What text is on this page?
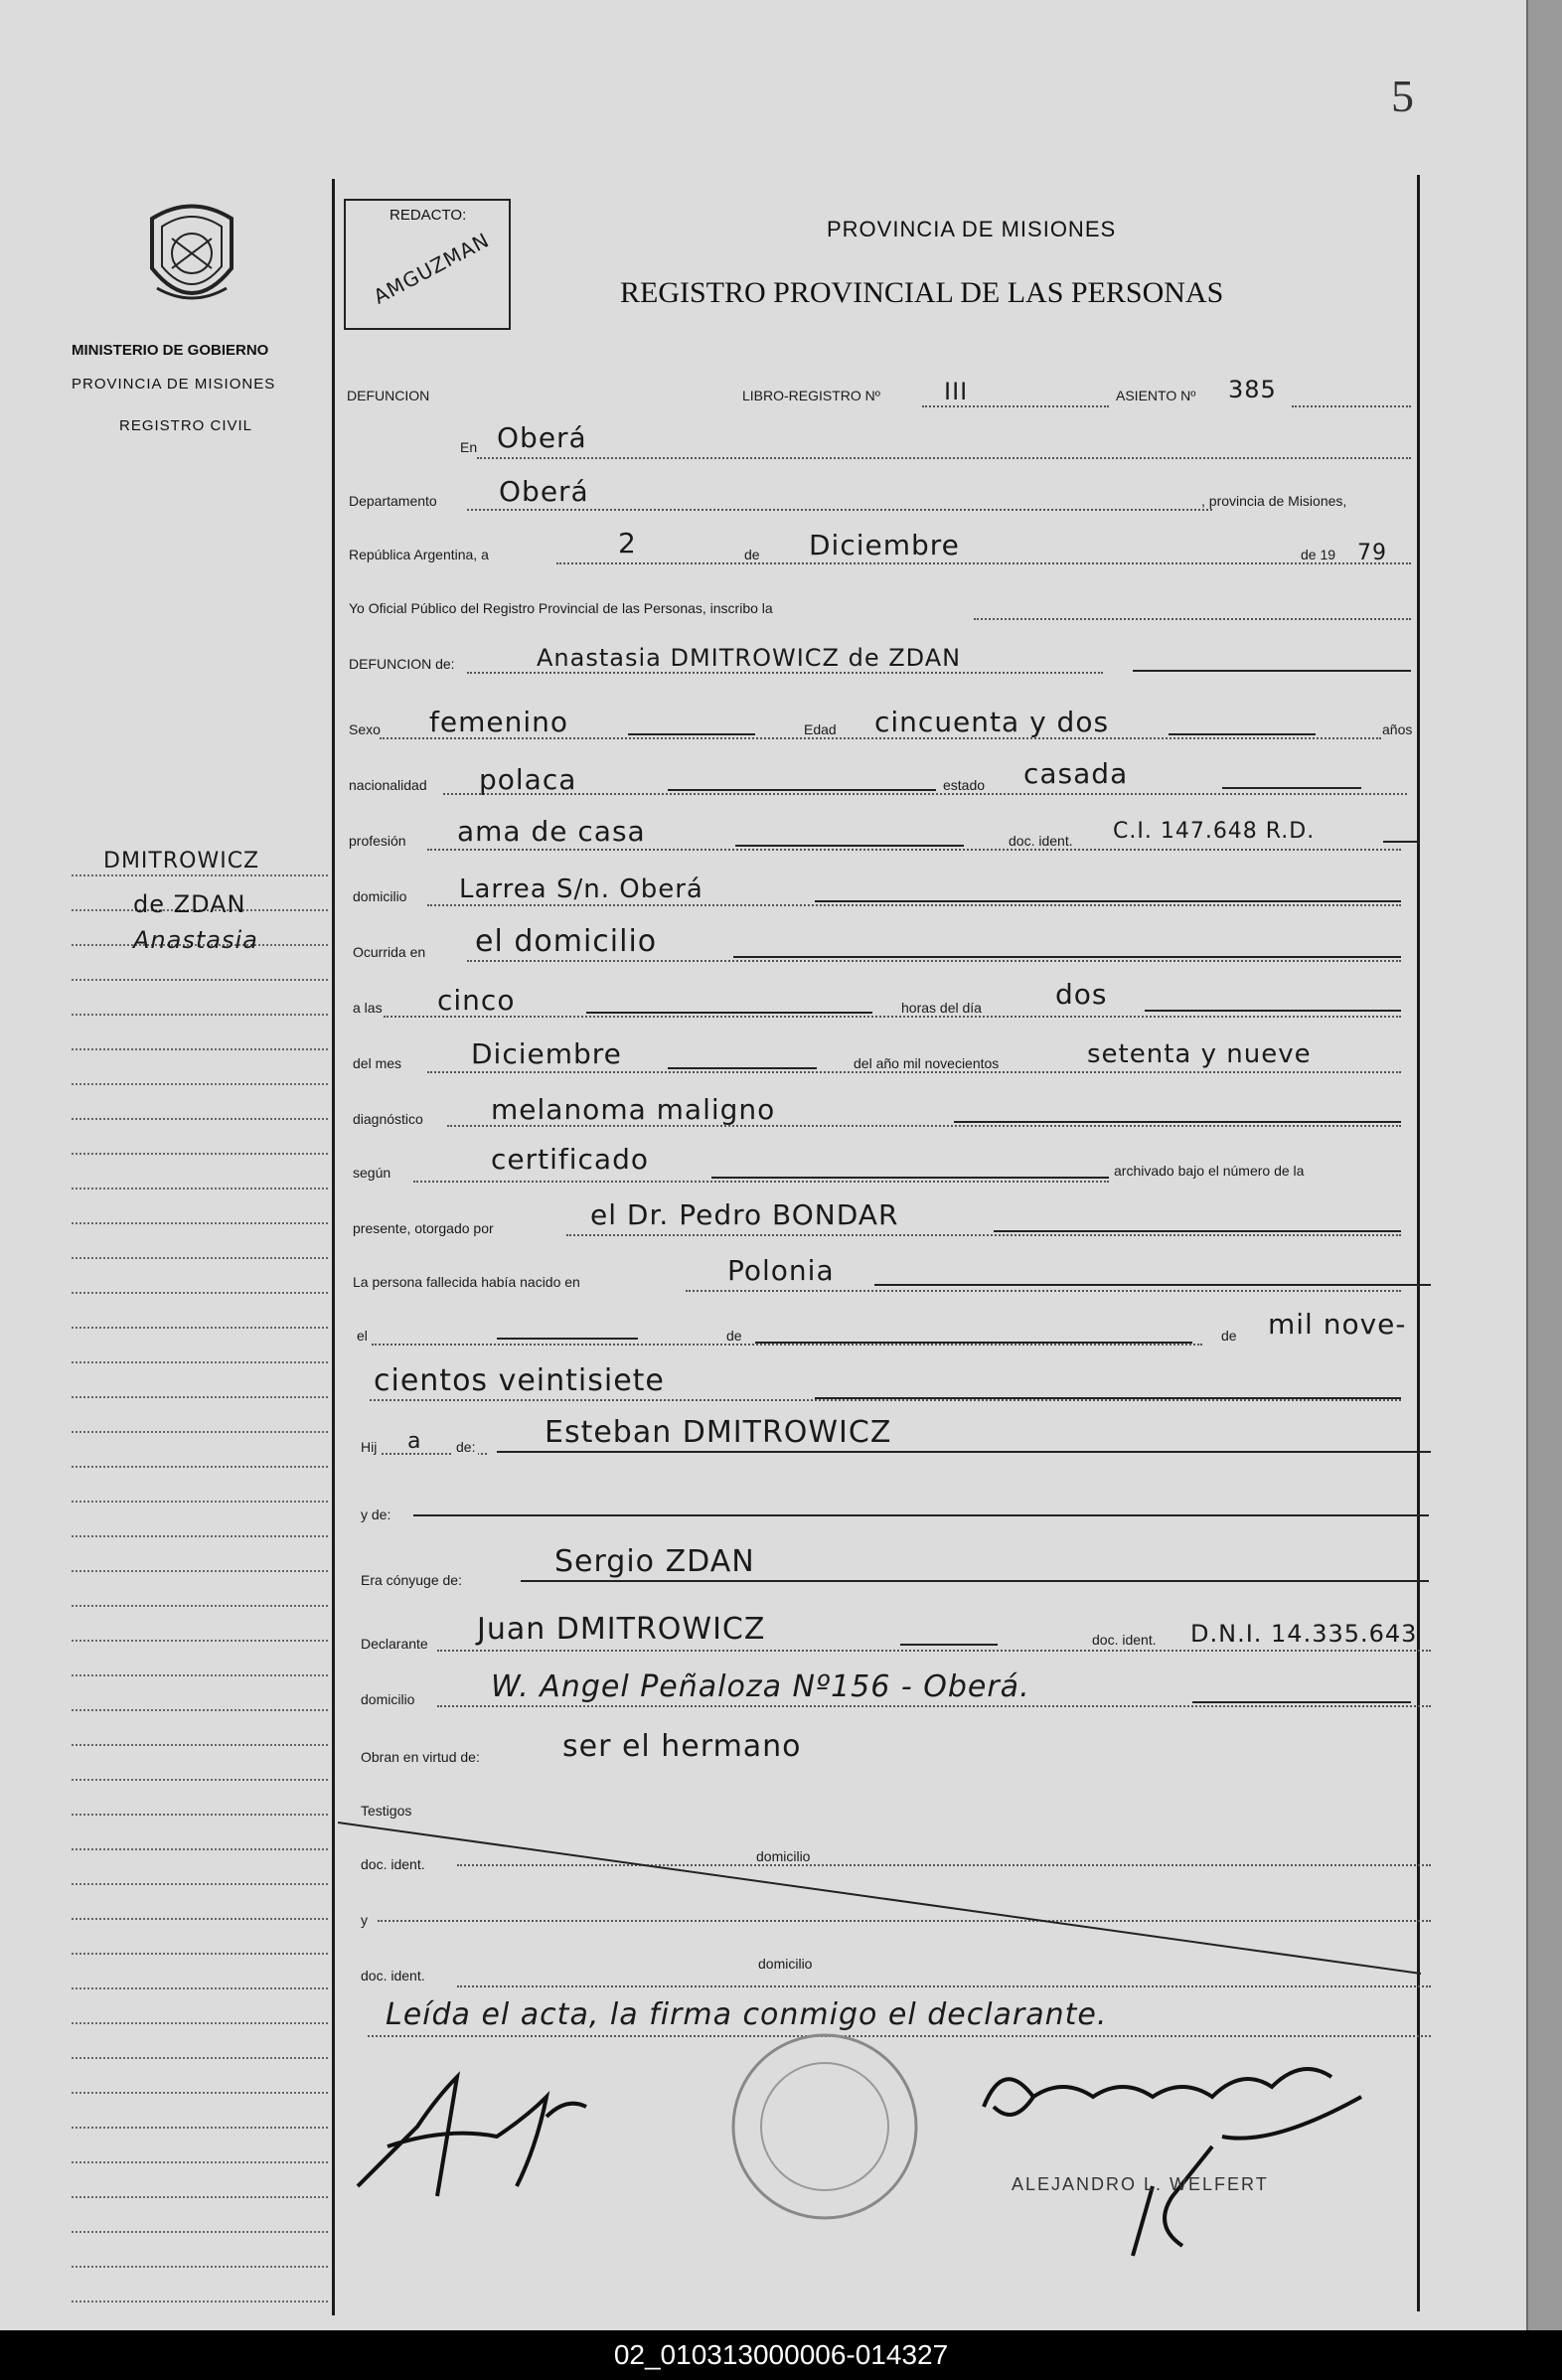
5
MINISTERIO DE GOBIERNO
PROVINCIA DE MISIONES
REGISTRO CIVIL
REDACTO:
AMGUZMAN	PROVINCIA DE MISIONES
REGISTRO PROVINCIAL DE LAS PERSONAS
DMITROWICZ
de ZDAN
Anastasia
DEFUNCION	LIBRO-REGISTRO Nº	III	ASIENTO Nº 385
En Oberá
Departamento Oberá	, provincia de Misiones,
República Argentina, a	2	de Diciembre	de 19 79
Yo Oficial Público del Registro Provincial de las Personas, inscribo la
DEFUNCION de:	Anastasia DMITROWICZ de ZDAN
Sexo femenino	Edad cincuenta y dos	años
nacionalidad polaca	estado casada
profesión ama de casa	doc. ident. C.I. 147.648 R.D.
domicilio Larrea S/n. Oberá
Ocurrida en el domicilio
a las cinco	horas del día	dos
del mes Diciembre	del año mil novecientos	setenta y nueve
diagnóstico melanoma maligno
según	certificado	archivado bajo el número de la
presente, otorgado por	el Dr. Pedro BONDAR
La persona fallecida había nacido en	Polonia
el	de	de mil nove-
cientos veintisiete
Hij a de: Esteban DMITROWICZ
y de:
Era cónyuge de:
Sergio ZDAN
Declarante Juan DMITROWICZ	doc. ident. D.N.I. 14.335.643
domicilio	W. Angel Peñaloza Nº156 - Oberá.
Obran en virtud de:	ser el hermano
Testigos
doc. ident.	domicilio
y
doc. ident.
domicilio
Leída el acta, la firma conmigo el declarante.
ALEJANDRO L. WELFERT
02_010313000006-014327
